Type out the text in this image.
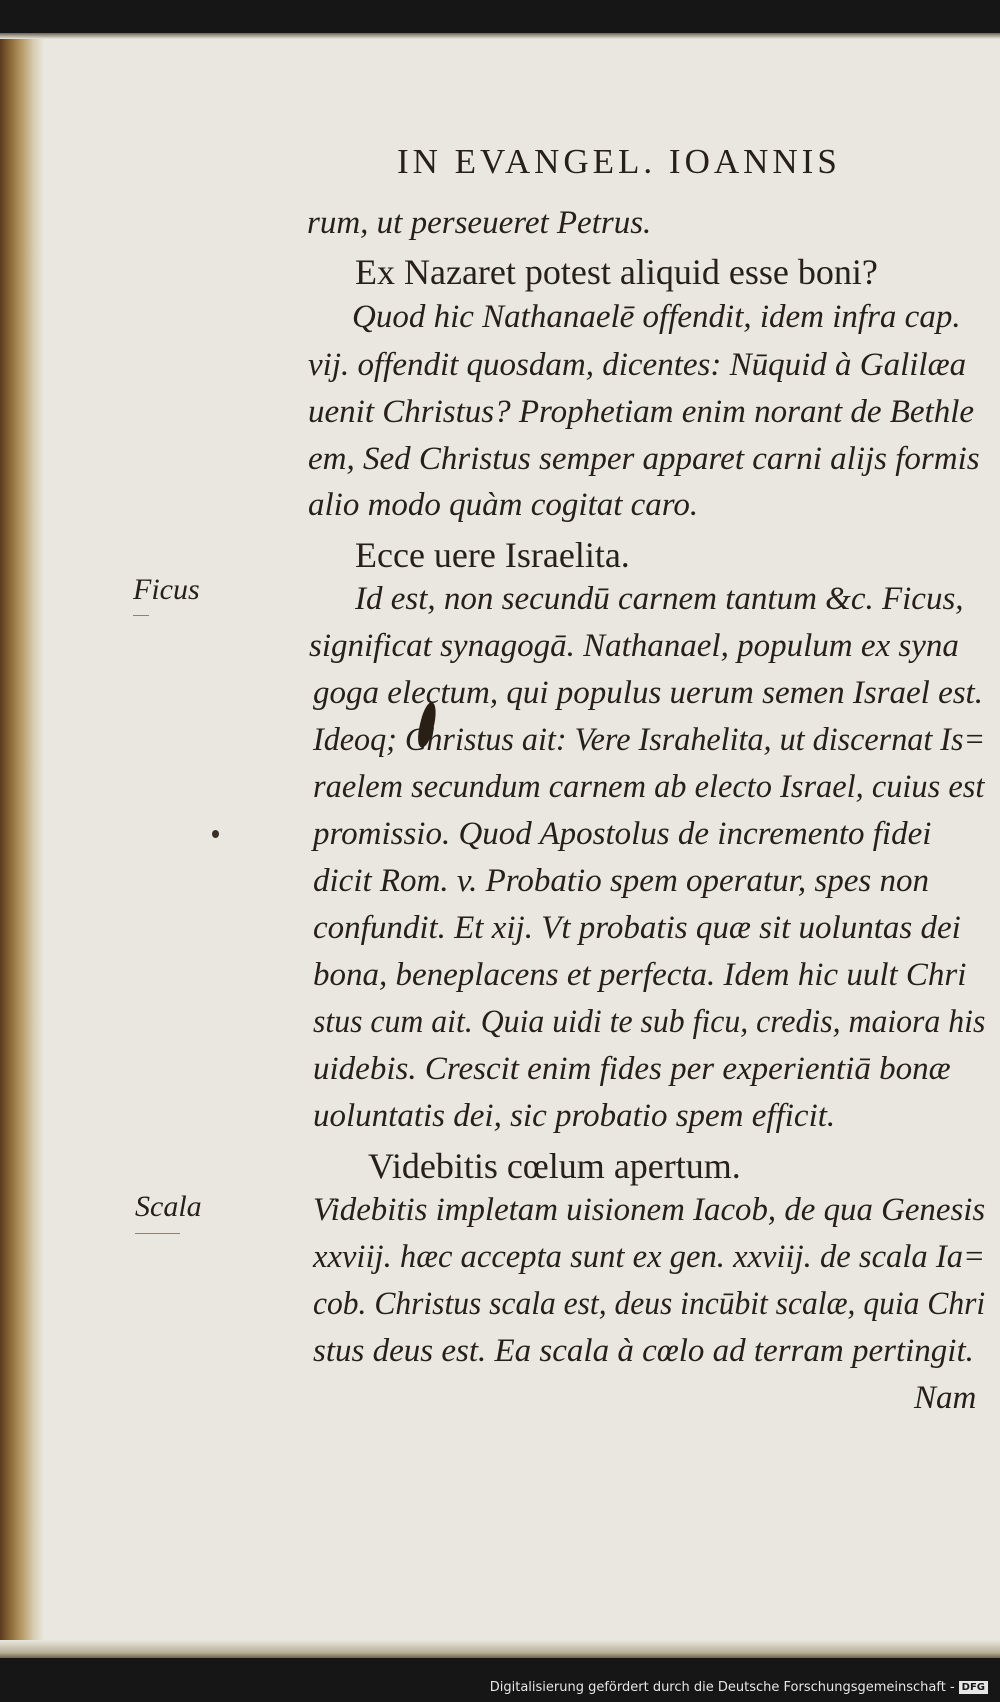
IN EVANGEL. IOANNIS
Ficus
Scala
rum, ut perseueret Petrus.
Ex Nazaret potest aliquid esse boni?
Quod hic Nathanaelē offendit, idem infra cap.
vij. offendit quosdam, dicentes: Nūquid à Galilæa
uenit Christus? Prophetiam enim norant de Bethle
em, Sed Christus semper apparet carni alijs formis
alio modo quàm cogitat caro.
Ecce uere Israelita.
Id est, non secundū carnem tantum &c. Ficus,
significat synagogā. Nathanael, populum ex syna
goga electum, qui populus uerum semen Israel est.
Ideoq; Christus ait: Vere Israhelita, ut discernat Is=
raelem secundum carnem ab electo Israel, cuius est
promissio. Quod Apostolus de incremento fidei
dicit Rom. v. Probatio spem operatur, spes non
confundit. Et xij. Vt probatis quæ sit uoluntas dei
bona, beneplacens et perfecta. Idem hic uult Chri
stus cum ait. Quia uidi te sub ficu, credis, maiora his
uidebis. Crescit enim fides per experientiā bonæ
uoluntatis dei, sic probatio spem efficit.
Videbitis cœlum apertum.
Videbitis impletam uisionem Iacob, de qua Genesis
xxviij. hæc accepta sunt ex gen. xxviij. de scala Ia=
cob. Christus scala est, deus incūbit scalæ, quia Chri
stus deus est. Ea scala à cœlo ad terram pertingit.
Nam
Digitalisierung gefördert durch die Deutsche Forschungsgemeinschaft - DFG
